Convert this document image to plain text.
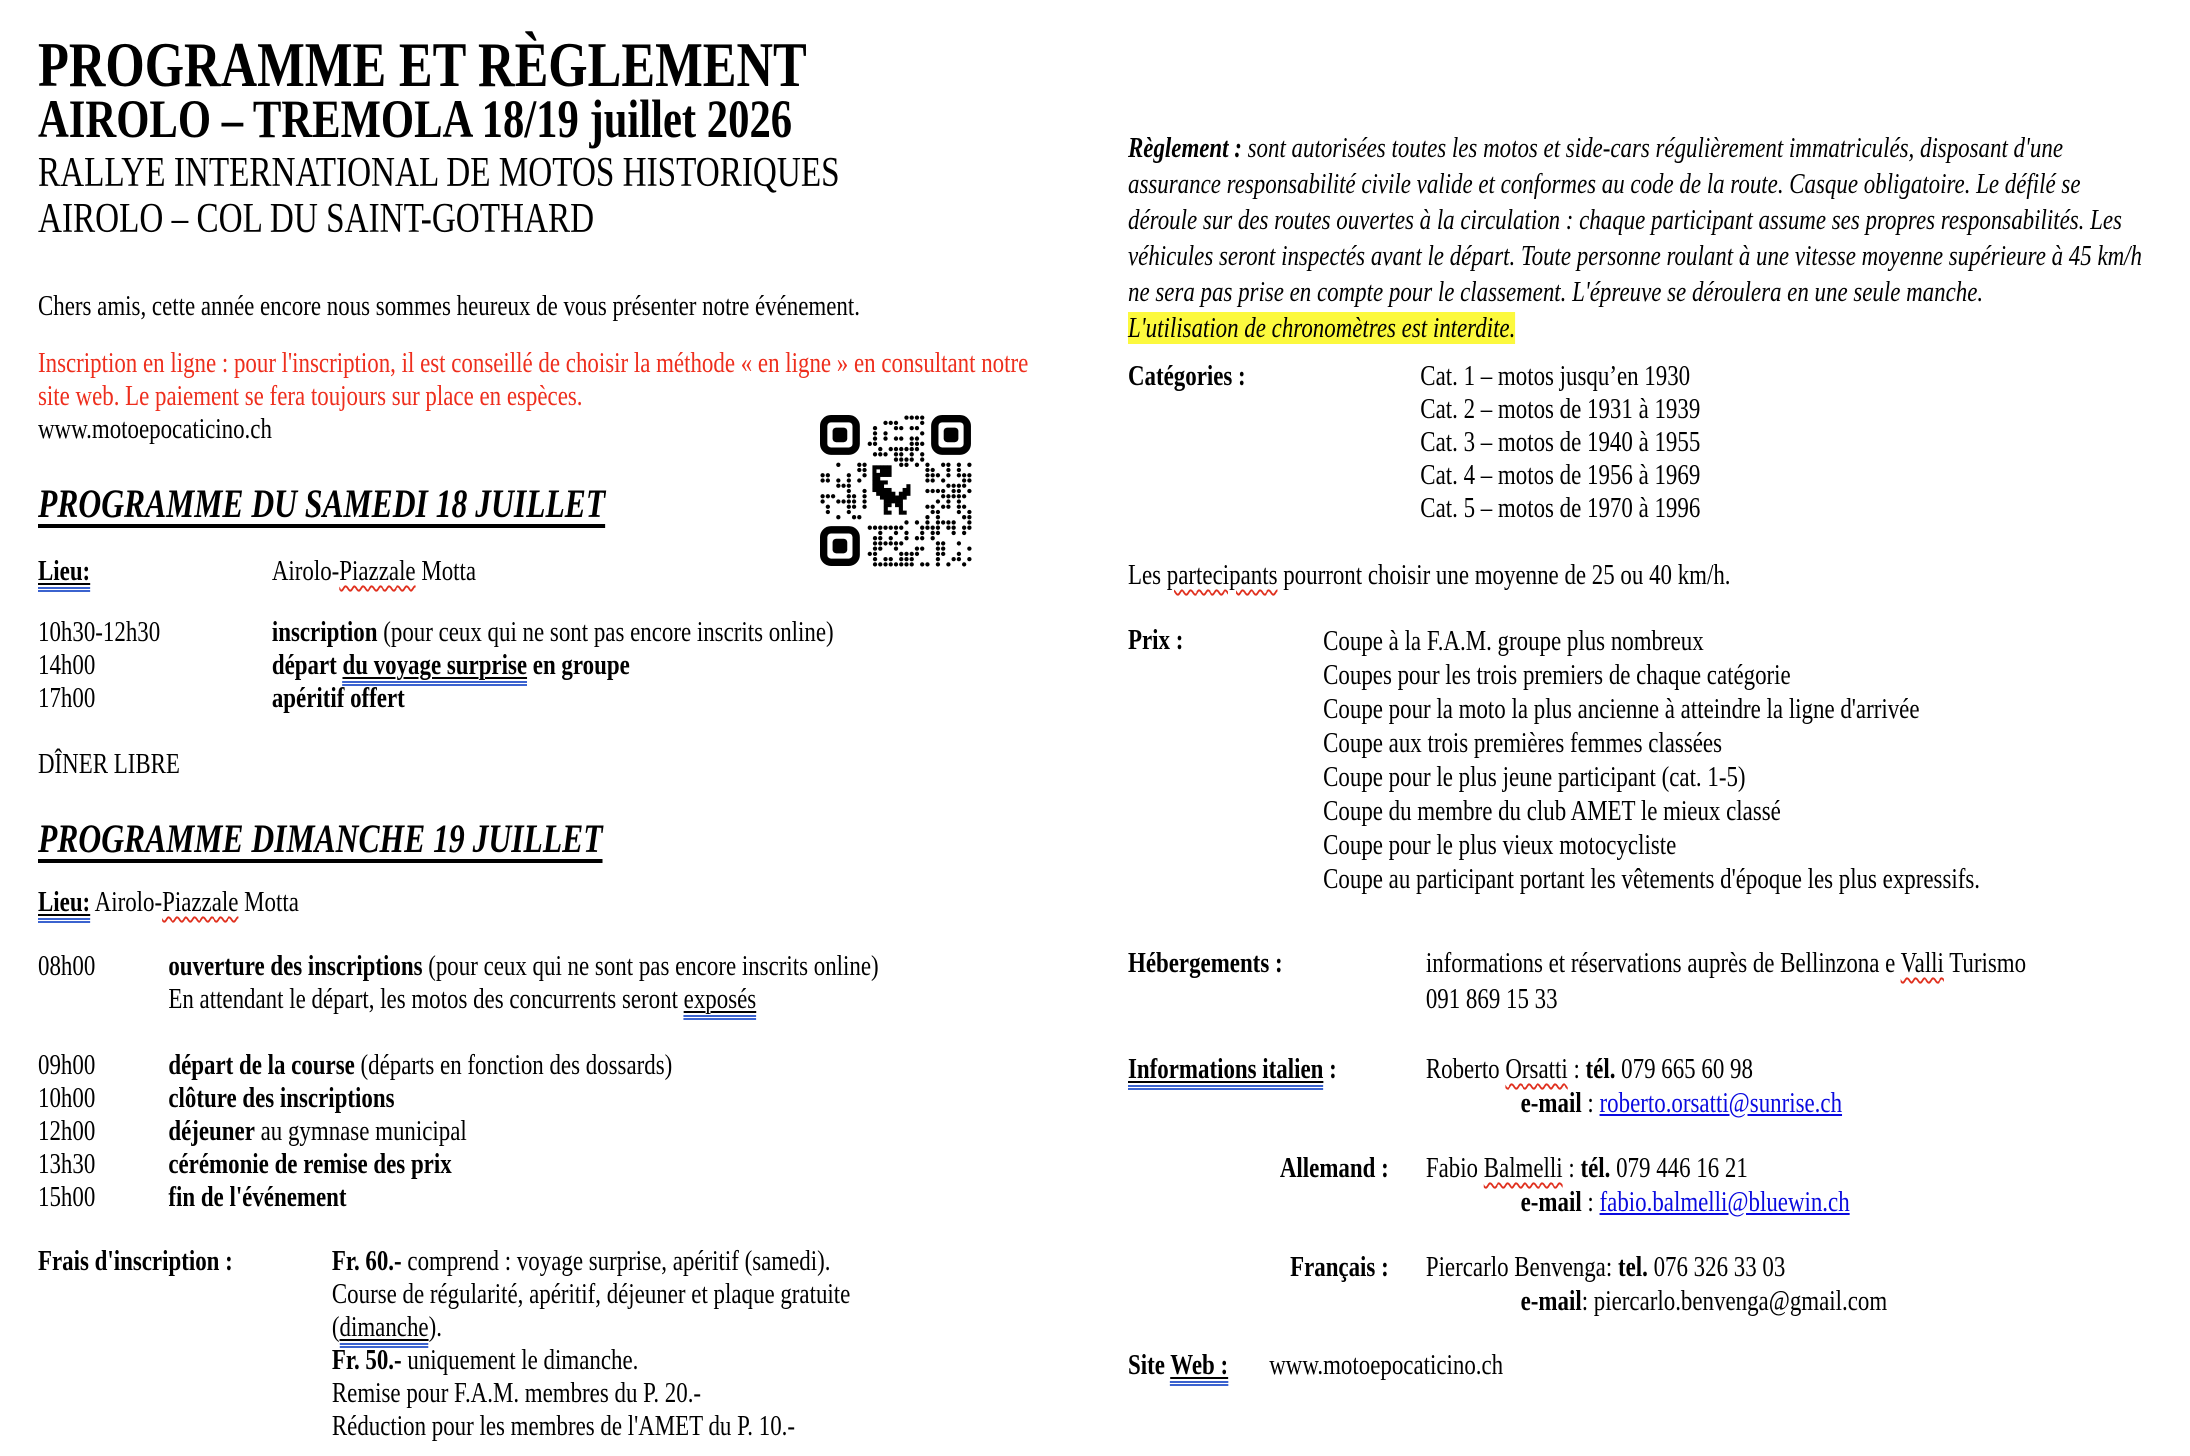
PROGRAMME ET RÈGLEMENT
AIROLO – TREMOLA 18/19 juillet 2026
RALLYE INTERNATIONAL DE MOTOS HISTORIQUES
AIROLO – COL DU SAINT-GOTHARD
Chers amis, cette année encore nous sommes heureux de vous présenter notre événement.
Inscription en ligne : pour l'inscription, il est conseillé de choisir la méthode « en ligne » en consultant notre site web. Le paiement se fera toujours sur place en espèces.
www.motoepocaticino.ch
PROGRAMME DU SAMEDI 18 JUILLET
Lieu:	Airolo-Piazzale Motta
10h30-12h30	inscription (pour ceux qui ne sont pas encore inscrits online)
14h00	départ du voyage surprise en groupe
17h00	apéritif offert
DÎNER LIBRE
PROGRAMME DIMANCHE 19 JUILLET
Lieu: Airolo-Piazzale Motta
08h00	ouverture des inscriptions (pour ceux qui ne sont pas encore inscrits online)
En attendant le départ, les motos des concurrents seront exposés
09h00	départ de la course (départs en fonction des dossards)
10h00	clôture des inscriptions
12h00	déjeuner au gymnase municipal
13h30	cérémonie de remise des prix
15h00	fin de l'événement
Frais d'inscription :	Fr. 60.- comprend : voyage surprise, apéritif (samedi).
Course de régularité, apéritif, déjeuner et plaque gratuite
(dimanche).
Fr. 50.- uniquement le dimanche.
Remise pour F.A.M. membres du P. 20.-
Réduction pour les membres de l'AMET du P. 10.-
Règlement : sont autorisées toutes les motos et side-cars régulièrement immatriculés, disposant d'une assurance responsabilité civile valide et conformes au code de la route. Casque obligatoire. Le défilé se déroule sur des routes ouvertes à la circulation : chaque participant assume ses propres responsabilités. Les véhicules seront inspectés avant le départ. Toute personne roulant à une vitesse moyenne supérieure à 45 km/h ne sera pas prise en compte pour le classement. L'épreuve se déroulera en une seule manche.
L'utilisation de chronomètres est interdite.
Catégories :	Cat. 1 – motos jusqu’en 1930
Cat. 2 – motos de 1931 à 1939
Cat. 3 – motos de 1940 à 1955
Cat. 4 – motos de 1956 à 1969
Cat. 5 – motos de 1970 à 1996
Les partecipants pourront choisir une moyenne de 25 ou 40 km/h.
Prix :	Coupe à la F.A.M. groupe plus nombreux
Coupes pour les trois premiers de chaque catégorie
Coupe pour la moto la plus ancienne à atteindre la ligne d'arrivée
Coupe aux trois premières femmes classées
Coupe pour le plus jeune participant (cat. 1-5)
Coupe du membre du club AMET le mieux classé
Coupe pour le plus vieux motocycliste
Coupe au participant portant les vêtements d'époque les plus expressifs.
Hébergements :	informations et réservations auprès de Bellinzona e Valli Turismo
091 869 15 33
Informations italien :	Roberto Orsatti : tél. 079 665 60 98
e-mail : roberto.orsatti@sunrise.ch
Allemand : Fabio Balmelli : tél. 079 446 16 21
e-mail : fabio.balmelli@bluewin.ch
Français : Piercarlo Benvenga: tel. 076 326 33 03
e-mail: piercarlo.benvenga@gmail.com
Site Web : www.motoepocaticino.ch
